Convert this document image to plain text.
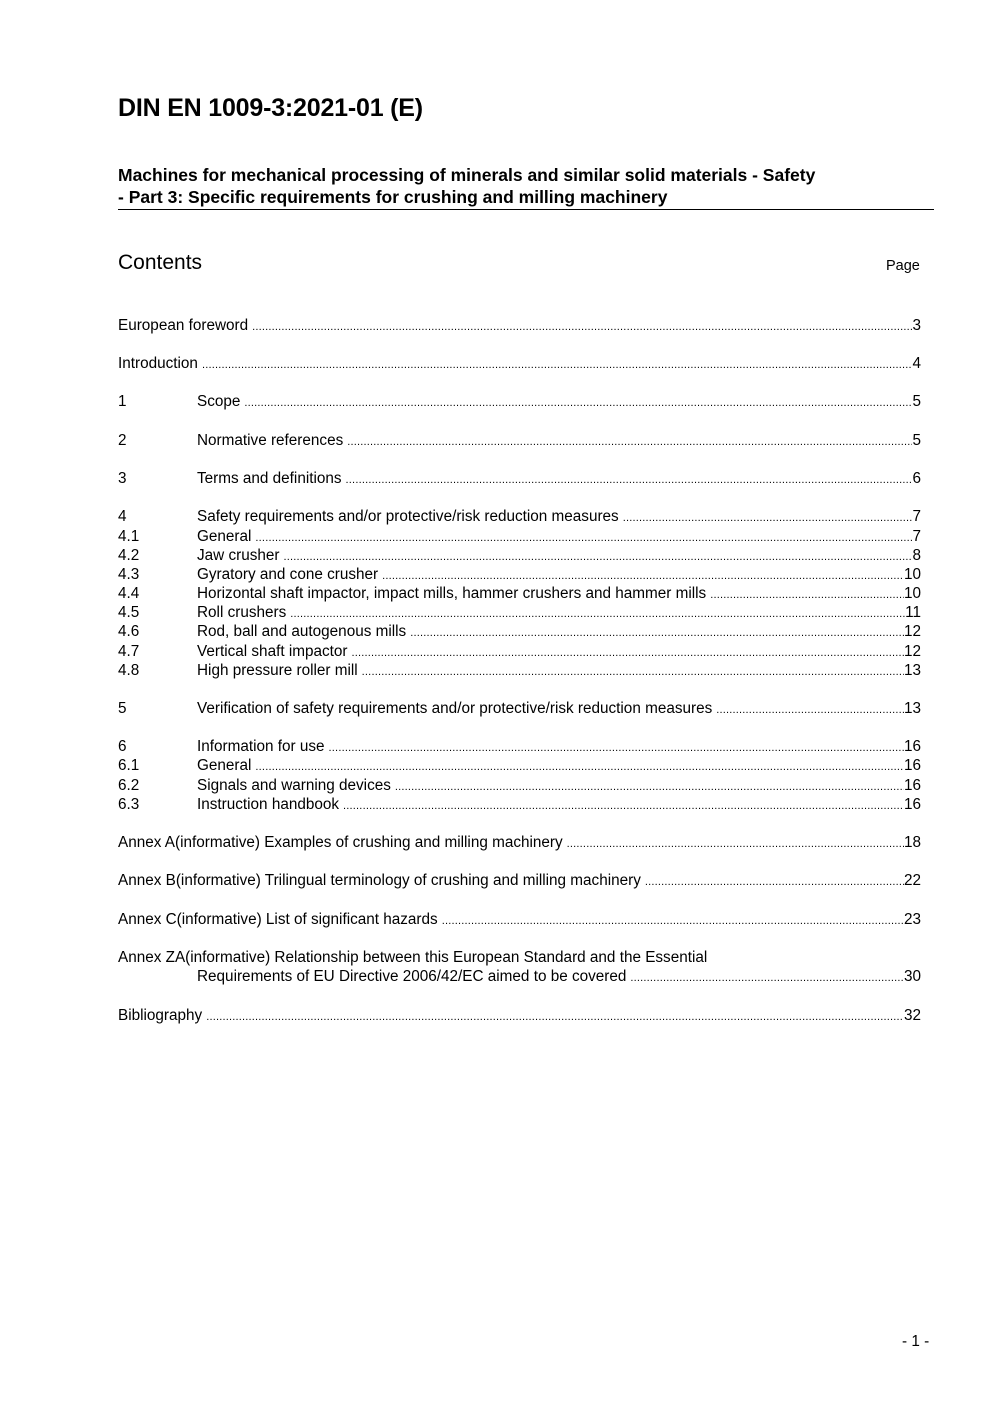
DIN EN 1009-3:2021-01 (E)
Machines for mechanical processing of minerals and similar solid materials - Safety
- Part 3: Specific requirements for crushing and milling machinery
Contents	Page
European foreword .....	3
Introduction .....	4
1	Scope .....	5
2	Normative references .....	5
3	Terms and definitions .....	6
4	Safety requirements and/or protective/risk reduction measures .....	7
4.1	General .....	7
4.2	Jaw crusher .....	8
4.3	Gyratory and cone crusher .....	10
4.4	Horizontal shaft impactor, impact mills, hammer crushers and hammer mills .....	10
4.5	Roll crushers .....	11
4.6	Rod, ball and autogenous mills .....	12
4.7	Vertical shaft impactor .....	12
4.8	High pressure roller mill .....	13
5	Verification of safety requirements and/or protective/risk reduction measures .....	13
6	Information for use .....	16
6.1	General .....	16
6.2	Signals and warning devices .....	16
6.3	Instruction handbook .....	16
Annex A(informative) Examples of crushing and milling machinery .....	18
Annex B(informative) Trilingual terminology of crushing and milling machinery .....	22
Annex C(informative) List of significant hazards .....	23
Annex ZA(informative) Relationship between this European Standard and the Essential
Requirements of EU Directive 2006/42/EC aimed to be covered .....	30
Bibliography .....	32
- 1 -
